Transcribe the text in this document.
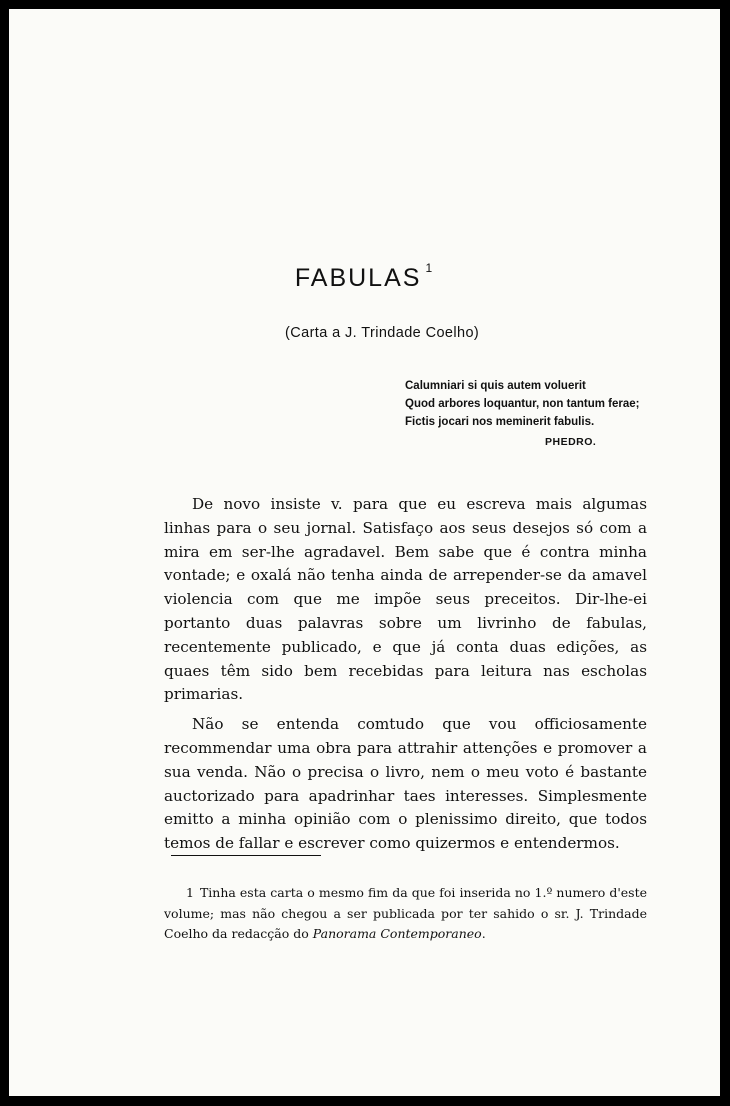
FABULAS $^1$
(Carta a J. Trindade Coelho)
Calumniari si quis autem voluerit
Quod arbores loquantur, non tantum ferae;
Fictis jocari nos meminerit fabulis.
PHEDRO.

De novo insiste v. para que eu escreva mais algumas linhas para o seu jornal. Satisfaço aos seus desejos só com a mira em ser-lhe agradavel. Bem sabe que é contra minha vontade; e oxalá não tenha ainda de arrepender-se da amavel violencia com que me impõe seus preceitos. Dir-lhe-ei portanto duas palavras sobre um livrinho de fabulas, recentemente publicado, e que já conta duas edições, as quaes têm sido bem recebidas para leitura nas escholas primarias.

Não se entenda comtudo que vou officiosamente recommendar uma obra para attrahir attenções e promover a sua venda. Não o precisa o livro, nem o meu voto é bastante auctorizado para apadrinhar taes interesses. Simplesmente emitto a minha opinião com o plenissimo direito, que todos temos de fallar e escrever como quizermos e entendermos.

1 Tinha esta carta o mesmo fim da que foi inserida no 1.º numero d'este volume; mas não chegou a ser publicada por ter sahido o sr. J. Trindade Coelho da redacção do Panorama Contemporaneo.
